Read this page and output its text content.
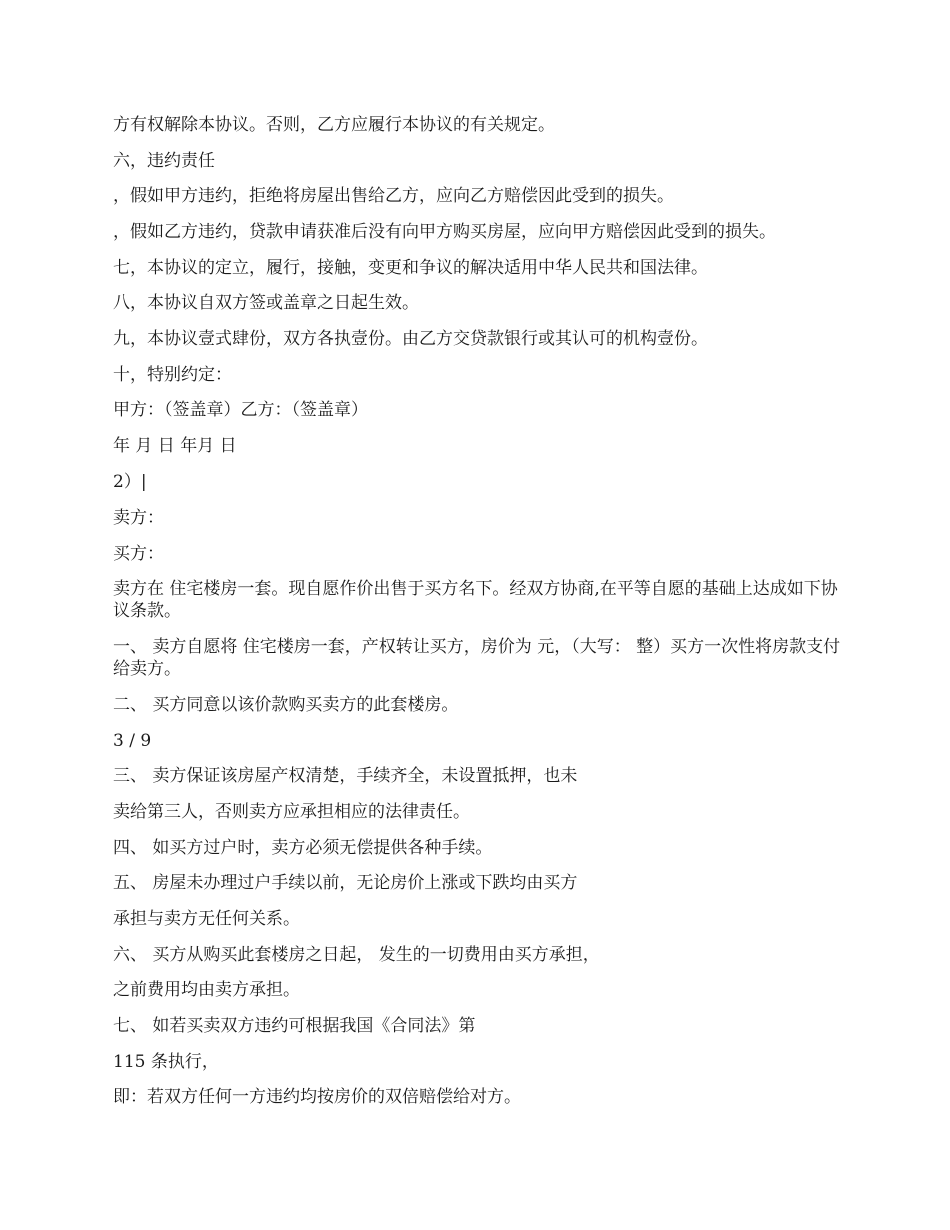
方有权解除本协议。否则，乙方应履行本协议的有关规定。
六，违约责任
，假如甲方违约，拒绝将房屋出售给乙方，应向乙方赔偿因此受到的损失。
，假如乙方违约，贷款申请获准后没有向甲方购买房屋，应向甲方赔偿因此受到的损失。
七，本协议的定立，履行，接触，变更和争议的解决适用中华人民共和国法律。
八，本协议自双方签或盖章之日起生效。
九，本协议壹式肆份，双方各执壹份。由乙方交贷款银行或其认可的机构壹份。
十，特别约定：
甲方：（签盖章）乙方：（签盖章）
年 月 日 年月 日
2）|
卖方：
买方：
卖方在 住宅楼房一套。现自愿作价出售于买方名下。经双方协商,在平等自愿的基础上达成如下协议条款。
一、 卖方自愿将 住宅楼房一套，产权转让买方，房价为 元，（大写： 整）买方一次性将房款支付给卖方。
二、 买方同意以该价款购买卖方的此套楼房。
3 / 9
三、 卖方保证该房屋产权清楚，手续齐全，未设置抵押，也未
卖给第三人，否则卖方应承担相应的法律责任。
四、 如买方过户时，卖方必须无偿提供各种手续。
五、 房屋未办理过户手续以前，无论房价上涨或下跌均由买方
承担与卖方无任何关系。
六、 买方从购买此套楼房之日起， 发生的一切费用由买方承担，
之前费用均由卖方承担。
七、 如若买卖双方违约可根据我国《合同法》第
115 条执行，
即：若双方任何一方违约均按房价的双倍赔偿给对方。
